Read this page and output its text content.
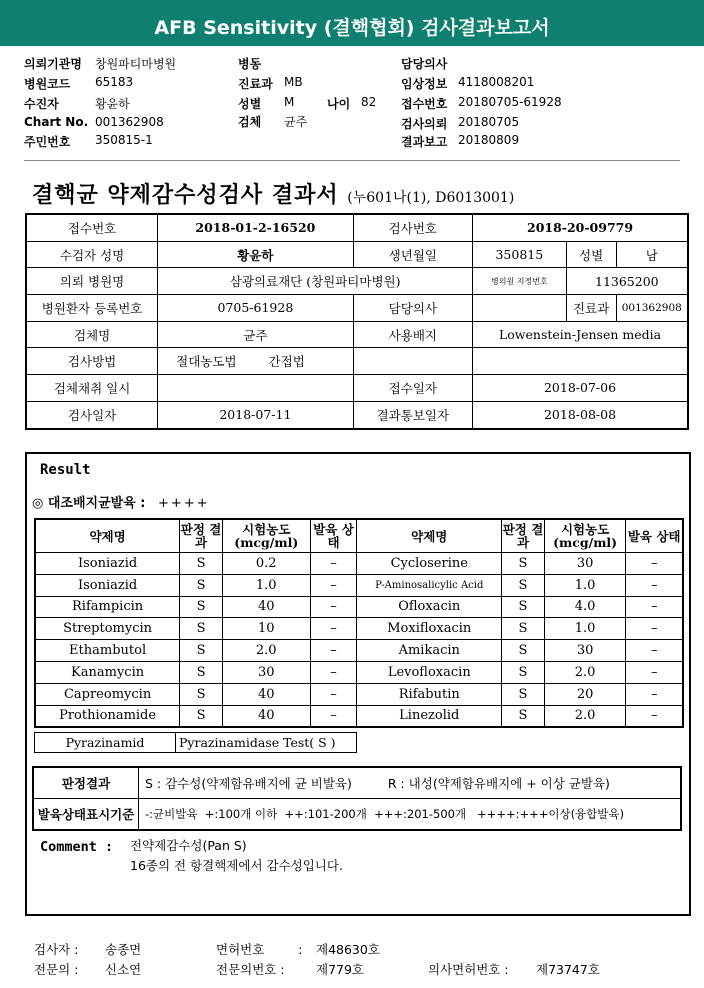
AFB Sensitivity (결핵협회) 검사결과보고서
의뢰기관명 창원파티마병원
병원코드 65183
수진자	황윤하
Chart No. 001362908
주민번호 350815-1
병동
진료과 MB
성별 M	나이 82
검체 균주
담당의사
임상정보 4118008201
접수번호 20180705-61928
검사의뢰 20180705
결과보고 20180809
결핵균 약제감수성검사 결과서 (누601나(1), D6013001)
접수번호	2018-01-2-16520	검사번호	2018-20-09779		
수검자 성명	황윤하	생년월일	350815	성별	남
의뢰 병원명	삼광의료재단 (창원파티마병원)		병의원 지정번호	11365200	
병원환자 등록번호	0705-61928	담당의사		진료과	001362908
검체명	균주	사용배지	Lowenstein-Jensen media		
검사방법	절대농도법 간접법				
검체채취 일시		접수일자	2018-07-06		
검사일자	2018-07-11	결과통보일자	2018-08-08		
Result
◎ 대조배지균발육 : ++++
약제명	판정 결과	시험농도 (mcg/ml)	발육 상태	약제명	판정 결과	시험농도 (mcg/ml)	발육 상태
Isoniazid	S	0.2	–	Cycloserine	S	30	–
Isoniazid	S	1.0	–	P-Aminosalicylic Acid	S	1.0	–
Rifampicin	S	40	–	Ofloxacin	S	4.0	–
Streptomycin	S	10	–	Moxifloxacin	S	1.0	–
Ethambutol	S	2.0	–	Amikacin	S	30	–
Kanamycin	S	30	–	Levofloxacin	S	2.0	–
Capreomycin	S	40	–	Rifabutin	S	20	–
Prothionamide	S	40	–	Linezolid	S	2.0	–
Pyrazinamid	Pyrazinamidase Test( S )
판정결과	S : 감수성(약제함유배지에 균 비발육) R : 내성(약제함유배지에 + 이상 균발육)
발육상태표시기준	-:균비발육  +:100개 이하  ++:101-200개  +++:201-500개   ++++:+++이상(융합발육)
Comment : 전약제감수성(Pan S)
16종의 전 항결핵제에서 감수성입니다.
검사자 : 송종면	면허번호 : 제48630호
전문의 : 신소연	전문의번호 :	제779호	의사면허번호 : 제73747호
